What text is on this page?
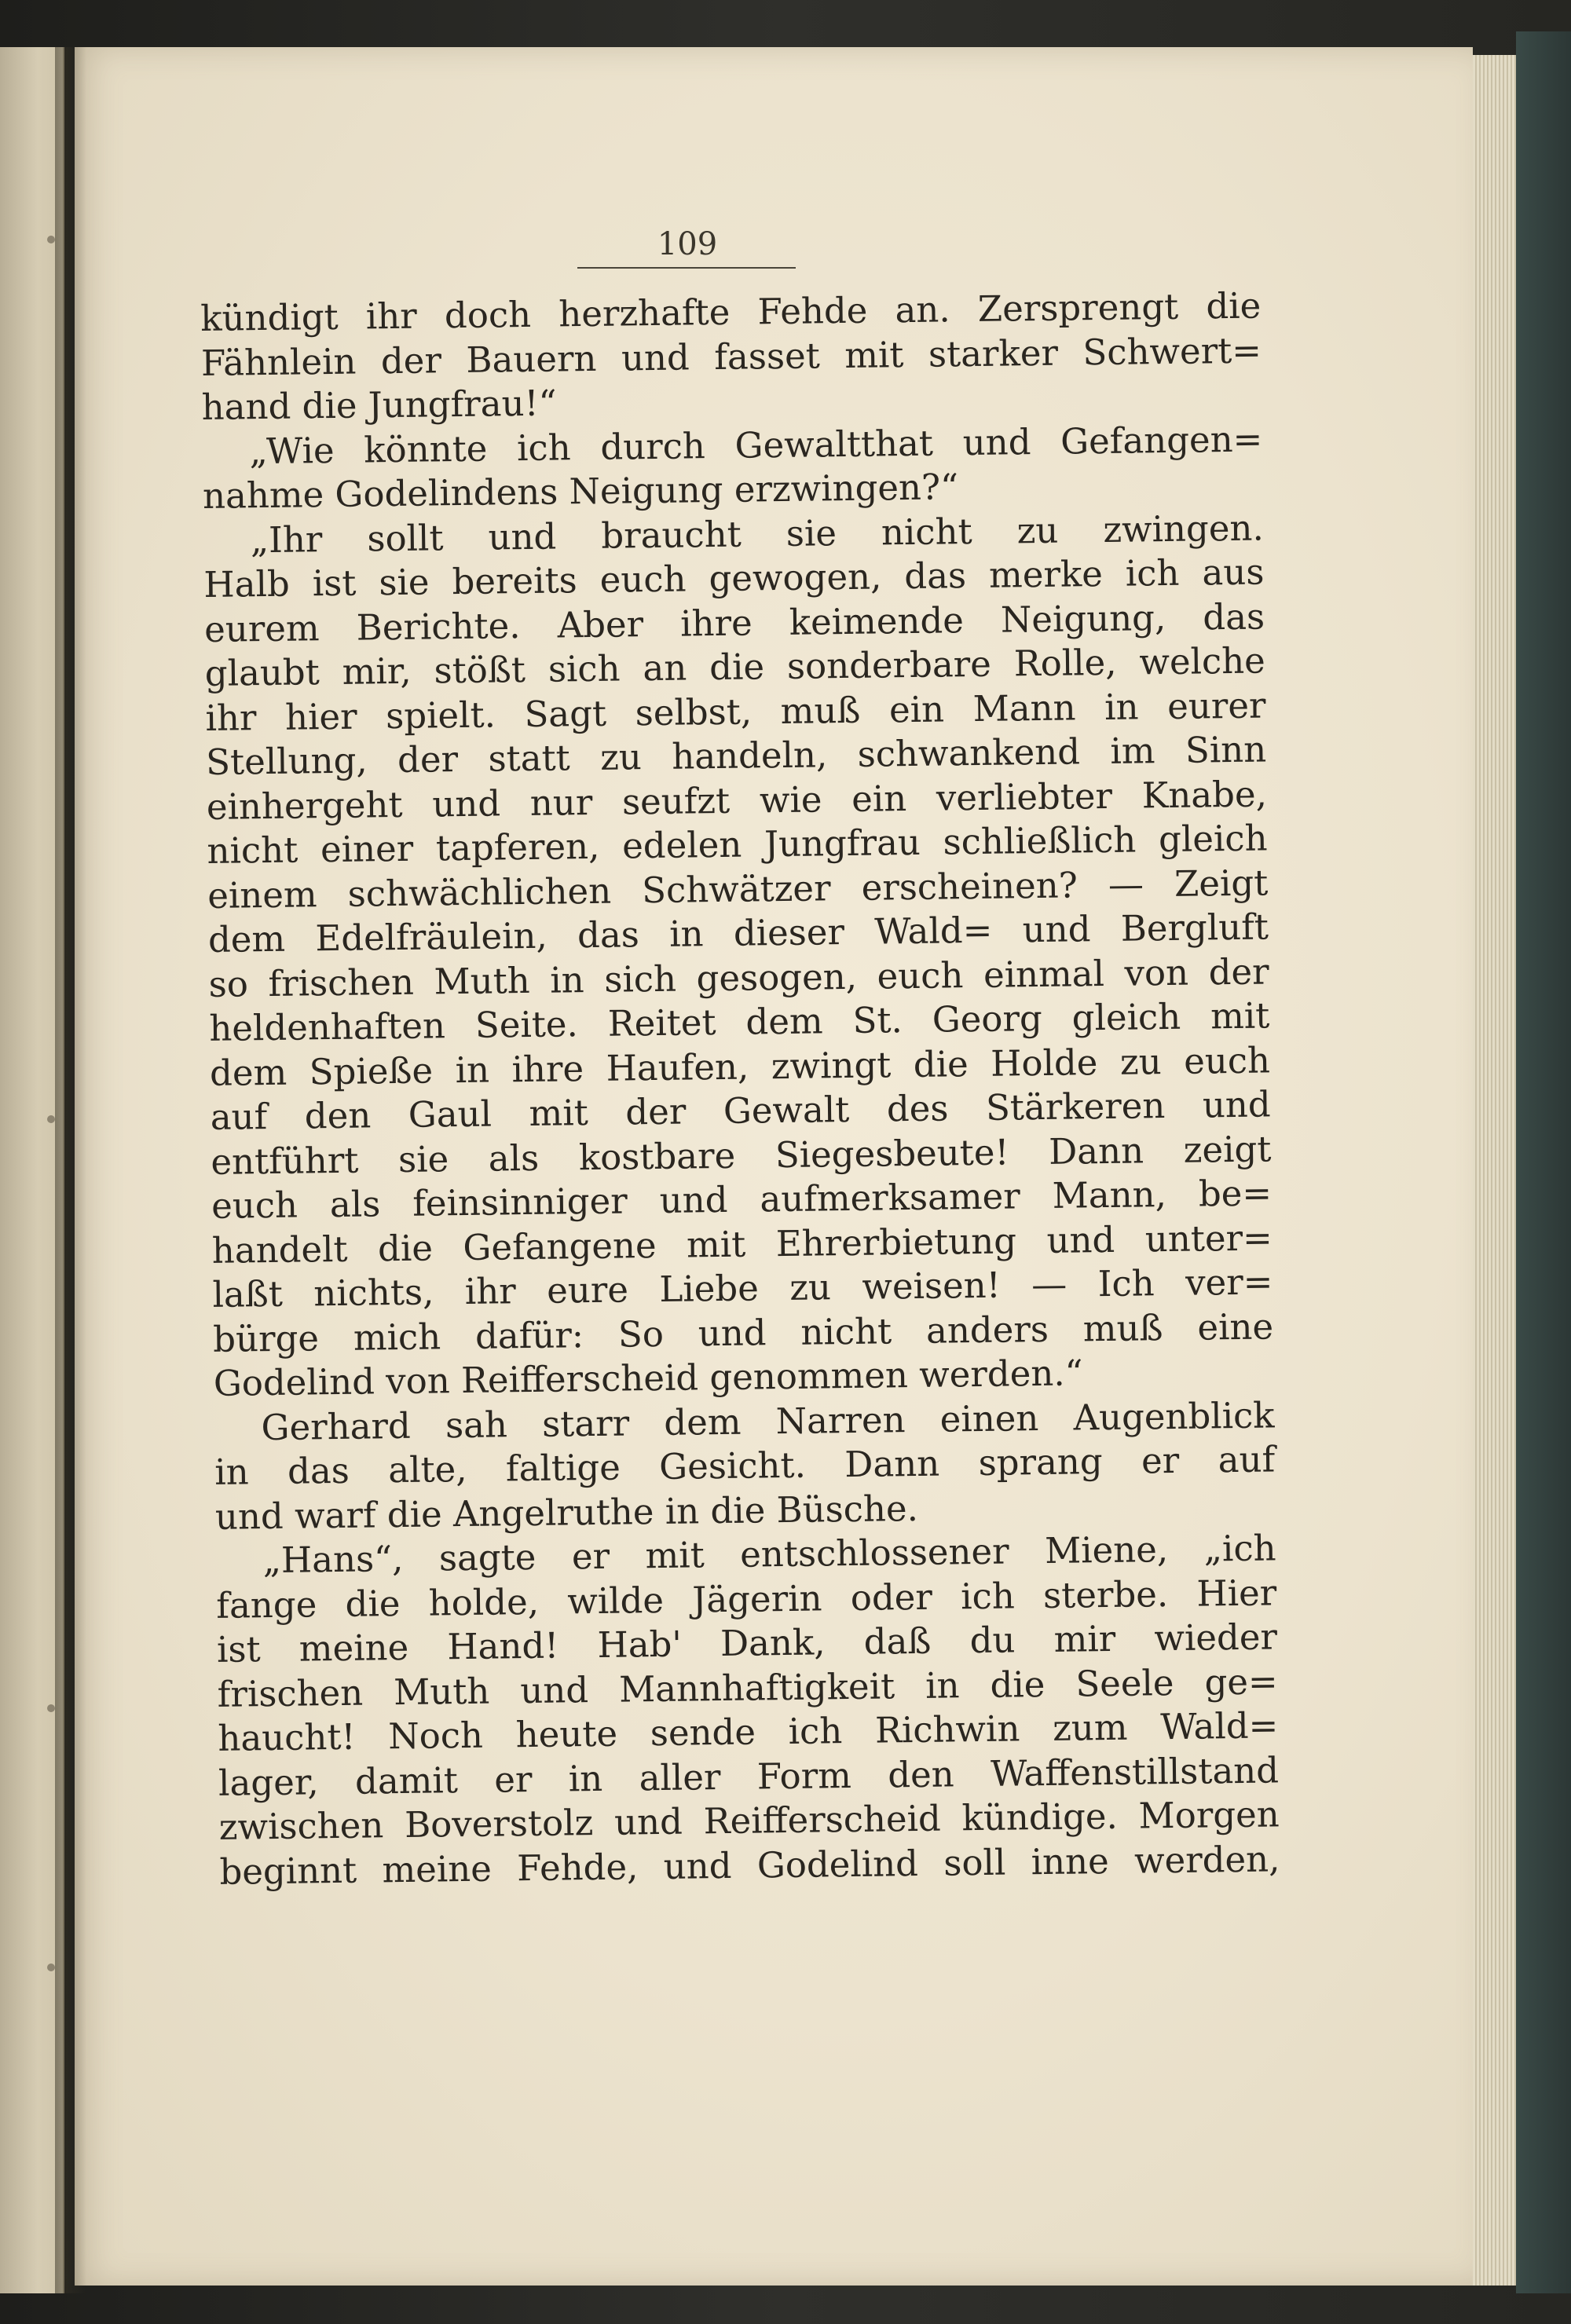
109

kündigt ihr doch herzhafte Fehde an. Zersprengt die
Fähnlein der Bauern und fasset mit starker Schwert=
hand die Jungfrau!“
„Wie könnte ich durch Gewaltthat und Gefangen=
nahme Godelindens Neigung erzwingen?“
„Ihr sollt und braucht sie nicht zu zwingen.
Halb ist sie bereits euch gewogen, das merke ich aus
eurem Berichte. Aber ihre keimende Neigung, das
glaubt mir, stößt sich an die sonderbare Rolle, welche
ihr hier spielt. Sagt selbst, muß ein Mann in eurer
Stellung, der statt zu handeln, schwankend im Sinn
einhergeht und nur seufzt wie ein verliebter Knabe,
nicht einer tapferen, edelen Jungfrau schließlich gleich
einem schwächlichen Schwätzer erscheinen? — Zeigt
dem Edelfräulein, das in dieser Wald= und Bergluft
so frischen Muth in sich gesogen, euch einmal von der
heldenhaften Seite. Reitet dem St. Georg gleich mit
dem Spieße in ihre Haufen, zwingt die Holde zu euch
auf den Gaul mit der Gewalt des Stärkeren und
entführt sie als kostbare Siegesbeute! Dann zeigt
euch als feinsinniger und aufmerksamer Mann, be=
handelt die Gefangene mit Ehrerbietung und unter=
laßt nichts, ihr eure Liebe zu weisen! — Ich ver=
bürge mich dafür: So und nicht anders muß eine
Godelind von Reifferscheid genommen werden.“
Gerhard sah starr dem Narren einen Augenblick
in das alte, faltige Gesicht. Dann sprang er auf
und warf die Angelruthe in die Büsche.
„Hans“, sagte er mit entschlossener Miene, „ich
fange die holde, wilde Jägerin oder ich sterbe. Hier
ist meine Hand! Hab' Dank, daß du mir wieder
frischen Muth und Mannhaftigkeit in die Seele ge=
haucht! Noch heute sende ich Richwin zum Wald=
lager, damit er in aller Form den Waffenstillstand
zwischen Boverstolz und Reifferscheid kündige. Morgen
beginnt meine Fehde, und Godelind soll inne werden,
